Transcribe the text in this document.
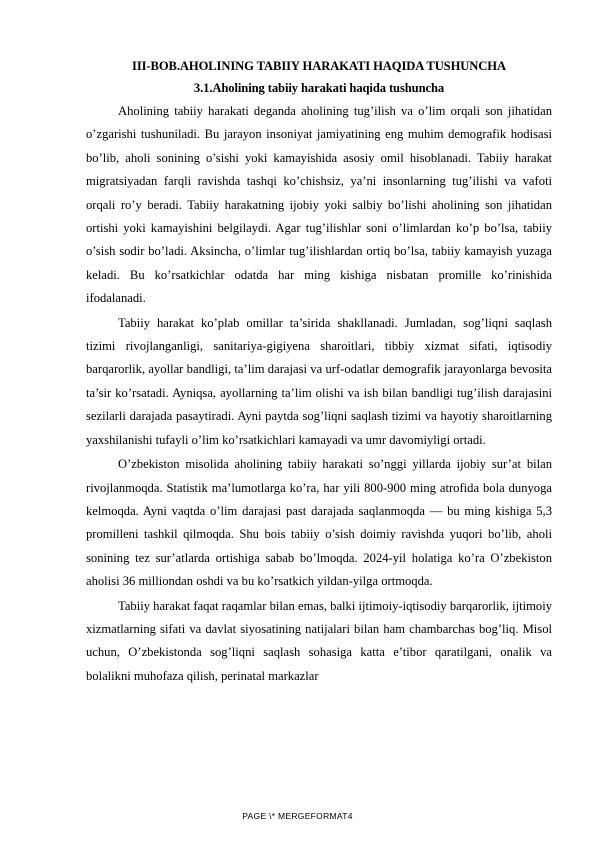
III-BOB.AHOLINING TABIIY HARAKATI HAQIDA TUSHUNCHA
3.1.Aholining tabiiy harakati haqida tushuncha

Aholining tabiiy harakati deganda aholining tug’ilish va o’lim orqali son jihatidan o’zgarishi tushuniladi. Bu jarayon insoniyat jamiyatining eng muhim demografik hodisasi bo’lib, aholi sonining o’sishi yoki kamayishida asosiy omil hisoblanadi. Tabiiy harakat migratsiyadan farqli ravishda tashqi ko’chishsiz, ya’ni insonlarning tug’ilishi va vafoti orqali ro’y beradi. Tabiiy harakatning ijobiy yoki salbiy bo’lishi aholining son jihatidan ortishi yoki kamayishini belgilaydi. Agar tug’ilishlar soni o’limlardan ko’p bo’lsa, tabiiy o’sish sodir bo’ladi. Aksincha, o’limlar tug’ilishlardan ortiq bo’lsa, tabiiy kamayish yuzaga keladi. Bu ko’rsatkichlar odatda har ming kishiga nisbatan promille ko’rinishida ifodalanadi.

Tabiiy harakat ko’plab omillar ta’sirida shakllanadi. Jumladan, sog’liqni saqlash tizimi rivojlanganligi, sanitariya-gigiyena sharoitlari, tibbiy xizmat sifati, iqtisodiy barqarorlik, ayollar bandligi, ta’lim darajasi va urf-odatlar demografik jarayonlarga bevosita ta’sir ko’rsatadi. Ayniqsa, ayollarning ta’lim olishi va ish bilan bandligi tug’ilish darajasini sezilarli darajada pasaytiradi. Ayni paytda sog’liqni saqlash tizimi va hayotiy sharoitlarning yaxshilanishi tufayli o’lim ko’rsatkichlari kamayadi va umr davomiyligi ortadi.

O’zbekiston misolida aholining tabiiy harakati so’nggi yillarda ijobiy sur’at bilan rivojlanmoqda. Statistik ma’lumotlarga ko’ra, har yili 800-900 ming atrofida bola dunyoga kelmoqda. Ayni vaqtda o’lim darajasi past darajada saqlanmoqda — bu ming kishiga 5,3 promilleni tashkil qilmoqda. Shu bois tabiiy o’sish doimiy ravishda yuqori bo’lib, aholi sonining tez sur’atlarda ortishiga sabab bo’lmoqda. 2024-yil holatiga ko’ra O’zbekiston aholisi 36 milliondan oshdi va bu ko’rsatkich yildan-yilga ortmoqda.

Tabiiy harakat faqat raqamlar bilan emas, balki ijtimoiy-iqtisodiy barqarorlik, ijtimoiy xizmatlarning sifati va davlat siyosatining natijalari bilan ham chambarchas bog’liq. Misol uchun, O’zbekistonda sog’liqni saqlash sohasiga katta e’tibor qaratilgani, onalik va bolalikni muhofaza qilish, perinatal markazlar

PAGE \* MERGEFORMAT4
